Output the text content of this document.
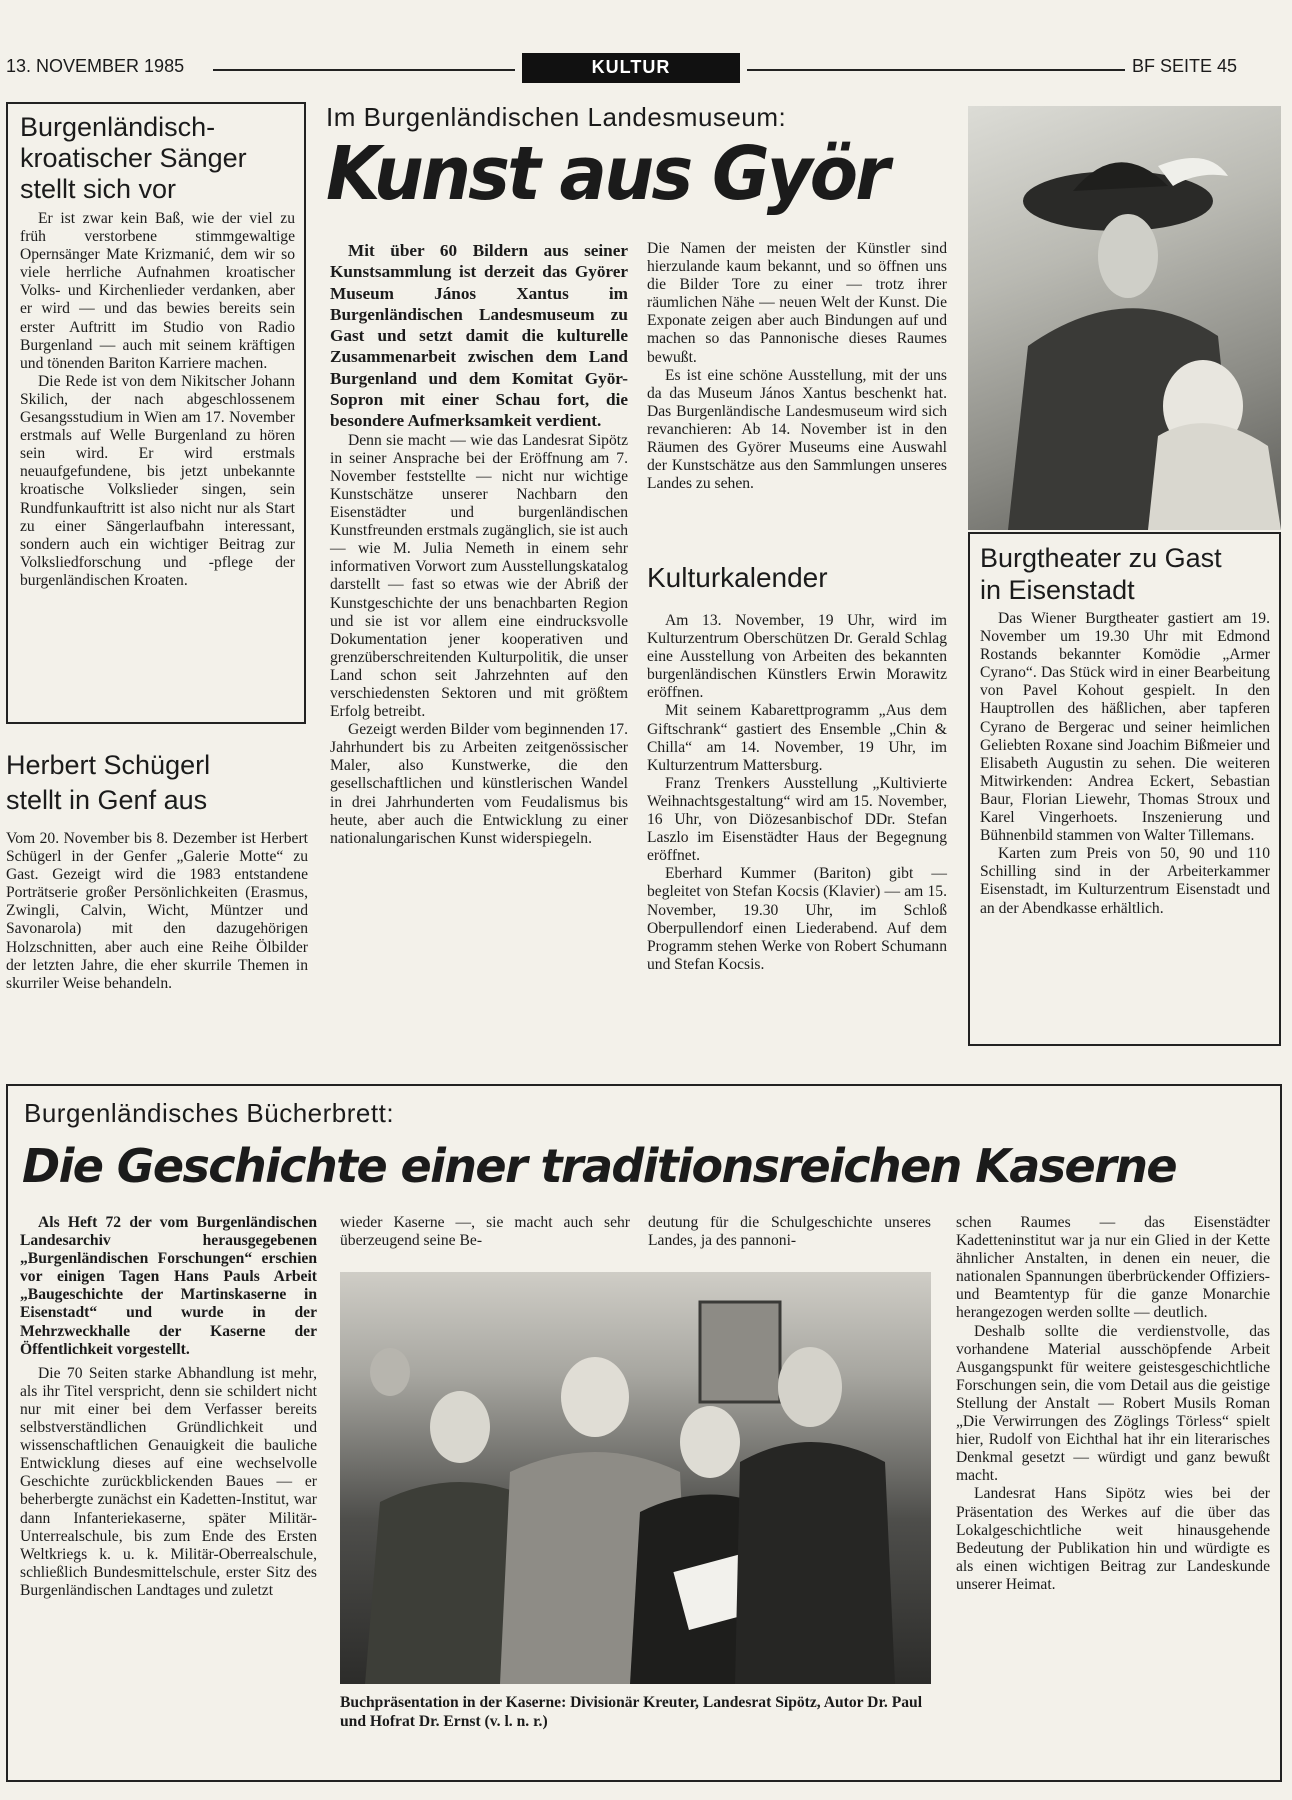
13. NOVEMBER 1985	KULTUR	BF SEITE 45
Burgenländisch-
kroatischer Sänger
stellt sich vor

Er ist zwar kein Baß, wie der viel zu früh verstorbene stimmgewaltige Opernsänger Mate Krizmanić, dem wir so viele herrliche Aufnahmen kroatischer Volks- und Kirchenlieder verdanken, aber er wird — und das bewies bereits sein erster Auftritt im Studio von Radio Burgenland — auch mit seinem kräftigen und tönenden Bariton Karriere machen.

Die Rede ist von dem Nikitscher Johann Skilich, der nach abgeschlossenem Gesangsstudium in Wien am 17. November erstmals auf Welle Burgenland zu hören sein wird. Er wird erstmals neuaufgefundene, bis jetzt unbekannte kroatische Volkslieder singen, sein Rundfunkauftritt ist also nicht nur als Start zu einer Sängerlaufbahn interessant, sondern auch ein wichtiger Beitrag zur Volksliedforschung und -pflege der burgenländischen Kroaten.

Herbert Schügerl
stellt in Genf aus

Vom 20. November bis 8. Dezember ist Herbert Schügerl in der Genfer „Galerie Motte“ zu Gast. Gezeigt wird die 1983 entstandene Porträtserie großer Persönlichkeiten (Erasmus, Zwingli, Calvin, Wicht, Müntzer und Savonarola) mit den dazugehörigen Holzschnitten, aber auch eine Reihe Ölbilder der letzten Jahre, die eher skurrile Themen in skurriler Weise behandeln.

Im Burgenländischen Landesmuseum:
Kunst aus Györ

Mit über 60 Bildern aus seiner Kunstsammlung ist derzeit das Györer Museum János Xantus im Burgenländischen Landesmuseum zu Gast und setzt damit die kulturelle Zusammenarbeit zwischen dem Land Burgenland und dem Komitat Györ-Sopron mit einer Schau fort, die besondere Aufmerksamkeit verdient.

Denn sie macht — wie das Landesrat Sipötz in seiner Ansprache bei der Eröffnung am 7. November feststellte — nicht nur wichtige Kunstschätze unserer Nachbarn den Eisenstädter und burgenländischen Kunstfreunden erstmals zugänglich, sie ist auch — wie M. Julia Nemeth in einem sehr informativen Vorwort zum Ausstellungskatalog darstellt — fast so etwas wie der Abriß der Kunstgeschichte der uns benachbarten Region und sie ist vor allem eine eindrucksvolle Dokumentation jener kooperativen und grenzüberschreitenden Kulturpolitik, die unser Land schon seit Jahrzehnten auf den verschiedensten Sektoren und mit größtem Erfolg betreibt.

Gezeigt werden Bilder vom beginnenden 17. Jahrhundert bis zu Arbeiten zeitgenössischer Maler, also Kunstwerke, die den gesellschaftlichen und künstlerischen Wandel in drei Jahrhunderten vom Feudalismus bis heute, aber auch die Entwicklung zu einer nationalungarischen Kunst widerspiegeln.

Die Namen der meisten der Künstler sind hierzulande kaum bekannt, und so öffnen uns die Bilder Tore zu einer — trotz ihrer räumlichen Nähe — neuen Welt der Kunst. Die Exponate zeigen aber auch Bindungen auf und machen so das Pannonische dieses Raumes bewußt.

Es ist eine schöne Ausstellung, mit der uns da das Museum János Xantus beschenkt hat. Das Burgenländische Landesmuseum wird sich revanchieren: Ab 14. November ist in den Räumen des Györer Museums eine Auswahl der Kunstschätze aus den Sammlungen unseres Landes zu sehen.

Kulturkalender

Am 13. November, 19 Uhr, wird im Kulturzentrum Oberschützen Dr. Gerald Schlag eine Ausstellung von Arbeiten des bekannten burgenländischen Künstlers Erwin Morawitz eröffnen.

Mit seinem Kabarettprogramm „Aus dem Giftschrank“ gastiert des Ensemble „Chin & Chilla“ am 14. November, 19 Uhr, im Kulturzentrum Mattersburg.

Franz Trenkers Ausstellung „Kultivierte Weihnachtsgestaltung“ wird am 15. November, 16 Uhr, von Diözesanbischof DDr. Stefan Laszlo im Eisenstädter Haus der Begegnung eröffnet.

Eberhard Kummer (Bariton) gibt — begleitet von Stefan Kocsis (Klavier) — am 15. November, 19.30 Uhr, im Schloß Oberpullendorf einen Liederabend. Auf dem Programm stehen Werke von Robert Schumann und Stefan Kocsis.

Burgtheater zu Gast
in Eisenstadt

Das Wiener Burgtheater gastiert am 19. November um 19.30 Uhr mit Edmond Rostands bekannter Komödie „Armer Cyrano“. Das Stück wird in einer Bearbeitung von Pavel Kohout gespielt. In den Hauptrollen des häßlichen, aber tapferen Cyrano de Bergerac und seiner heimlichen Geliebten Roxane sind Joachim Bißmeier und Elisabeth Augustin zu sehen. Die weiteren Mitwirkenden: Andrea Eckert, Sebastian Baur, Florian Liewehr, Thomas Stroux und Karel Vingerhoets. Inszenierung und Bühnenbild stammen von Walter Tillemans.

Karten zum Preis von 50, 90 und 110 Schilling sind in der Arbeiterkammer Eisenstadt, im Kulturzentrum Eisenstadt und an der Abendkasse erhältlich.

Burgenländisches Bücherbrett:
Die Geschichte einer traditionsreichen Kaserne

Als Heft 72 der vom Burgenländischen Landesarchiv herausgegebenen „Burgenländischen Forschungen“ erschien vor einigen Tagen Hans Pauls Arbeit „Baugeschichte der Martinskaserne in Eisenstadt“ und wurde in der Mehrzweckhalle der Kaserne der Öffentlichkeit vorgestellt.

Die 70 Seiten starke Abhandlung ist mehr, als ihr Titel verspricht, denn sie schildert nicht nur mit einer bei dem Verfasser bereits selbstverständlichen Gründlichkeit und wissenschaftlichen Genauigkeit die bauliche Entwicklung dieses auf eine wechselvolle Geschichte zurückblickenden Baues — er beherbergte zunächst ein Kadetten-Institut, war dann Infanteriekaserne, später Militär-Unterrealschule, bis zum Ende des Ersten Weltkriegs k. u. k. Militär-Oberrealschule, schließlich Bundesmittelschule, erster Sitz des Burgenländischen Landtages und zuletzt

wieder Kaserne —, sie macht auch sehr überzeugend seine Be-

deutung für die Schulgeschichte unseres Landes, ja des pannoni-

Buchpräsentation in der Kaserne: Divisionär Kreuter, Landesrat Sipötz, Autor Dr. Paul und Hofrat Dr. Ernst (v. l. n. r.)

schen Raumes — das Eisenstädter Kadetteninstitut war ja nur ein Glied in der Kette ähnlicher Anstalten, in denen ein neuer, die nationalen Spannungen überbrückender Offiziers- und Beamtentyp für die ganze Monarchie herangezogen werden sollte — deutlich.

Deshalb sollte die verdienstvolle, das vorhandene Material ausschöpfende Arbeit Ausgangspunkt für weitere geistesgeschichtliche Forschungen sein, die vom Detail aus die geistige Stellung der Anstalt — Robert Musils Roman „Die Verwirrungen des Zöglings Törless“ spielt hier, Rudolf von Eichthal hat ihr ein literarisches Denkmal gesetzt — würdigt und ganz bewußt macht.

Landesrat Hans Sipötz wies bei der Präsentation des Werkes auf die über das Lokalgeschichtliche weit hinausgehende Bedeutung der Publikation hin und würdigte es als einen wichtigen Beitrag zur Landeskunde unserer Heimat.
